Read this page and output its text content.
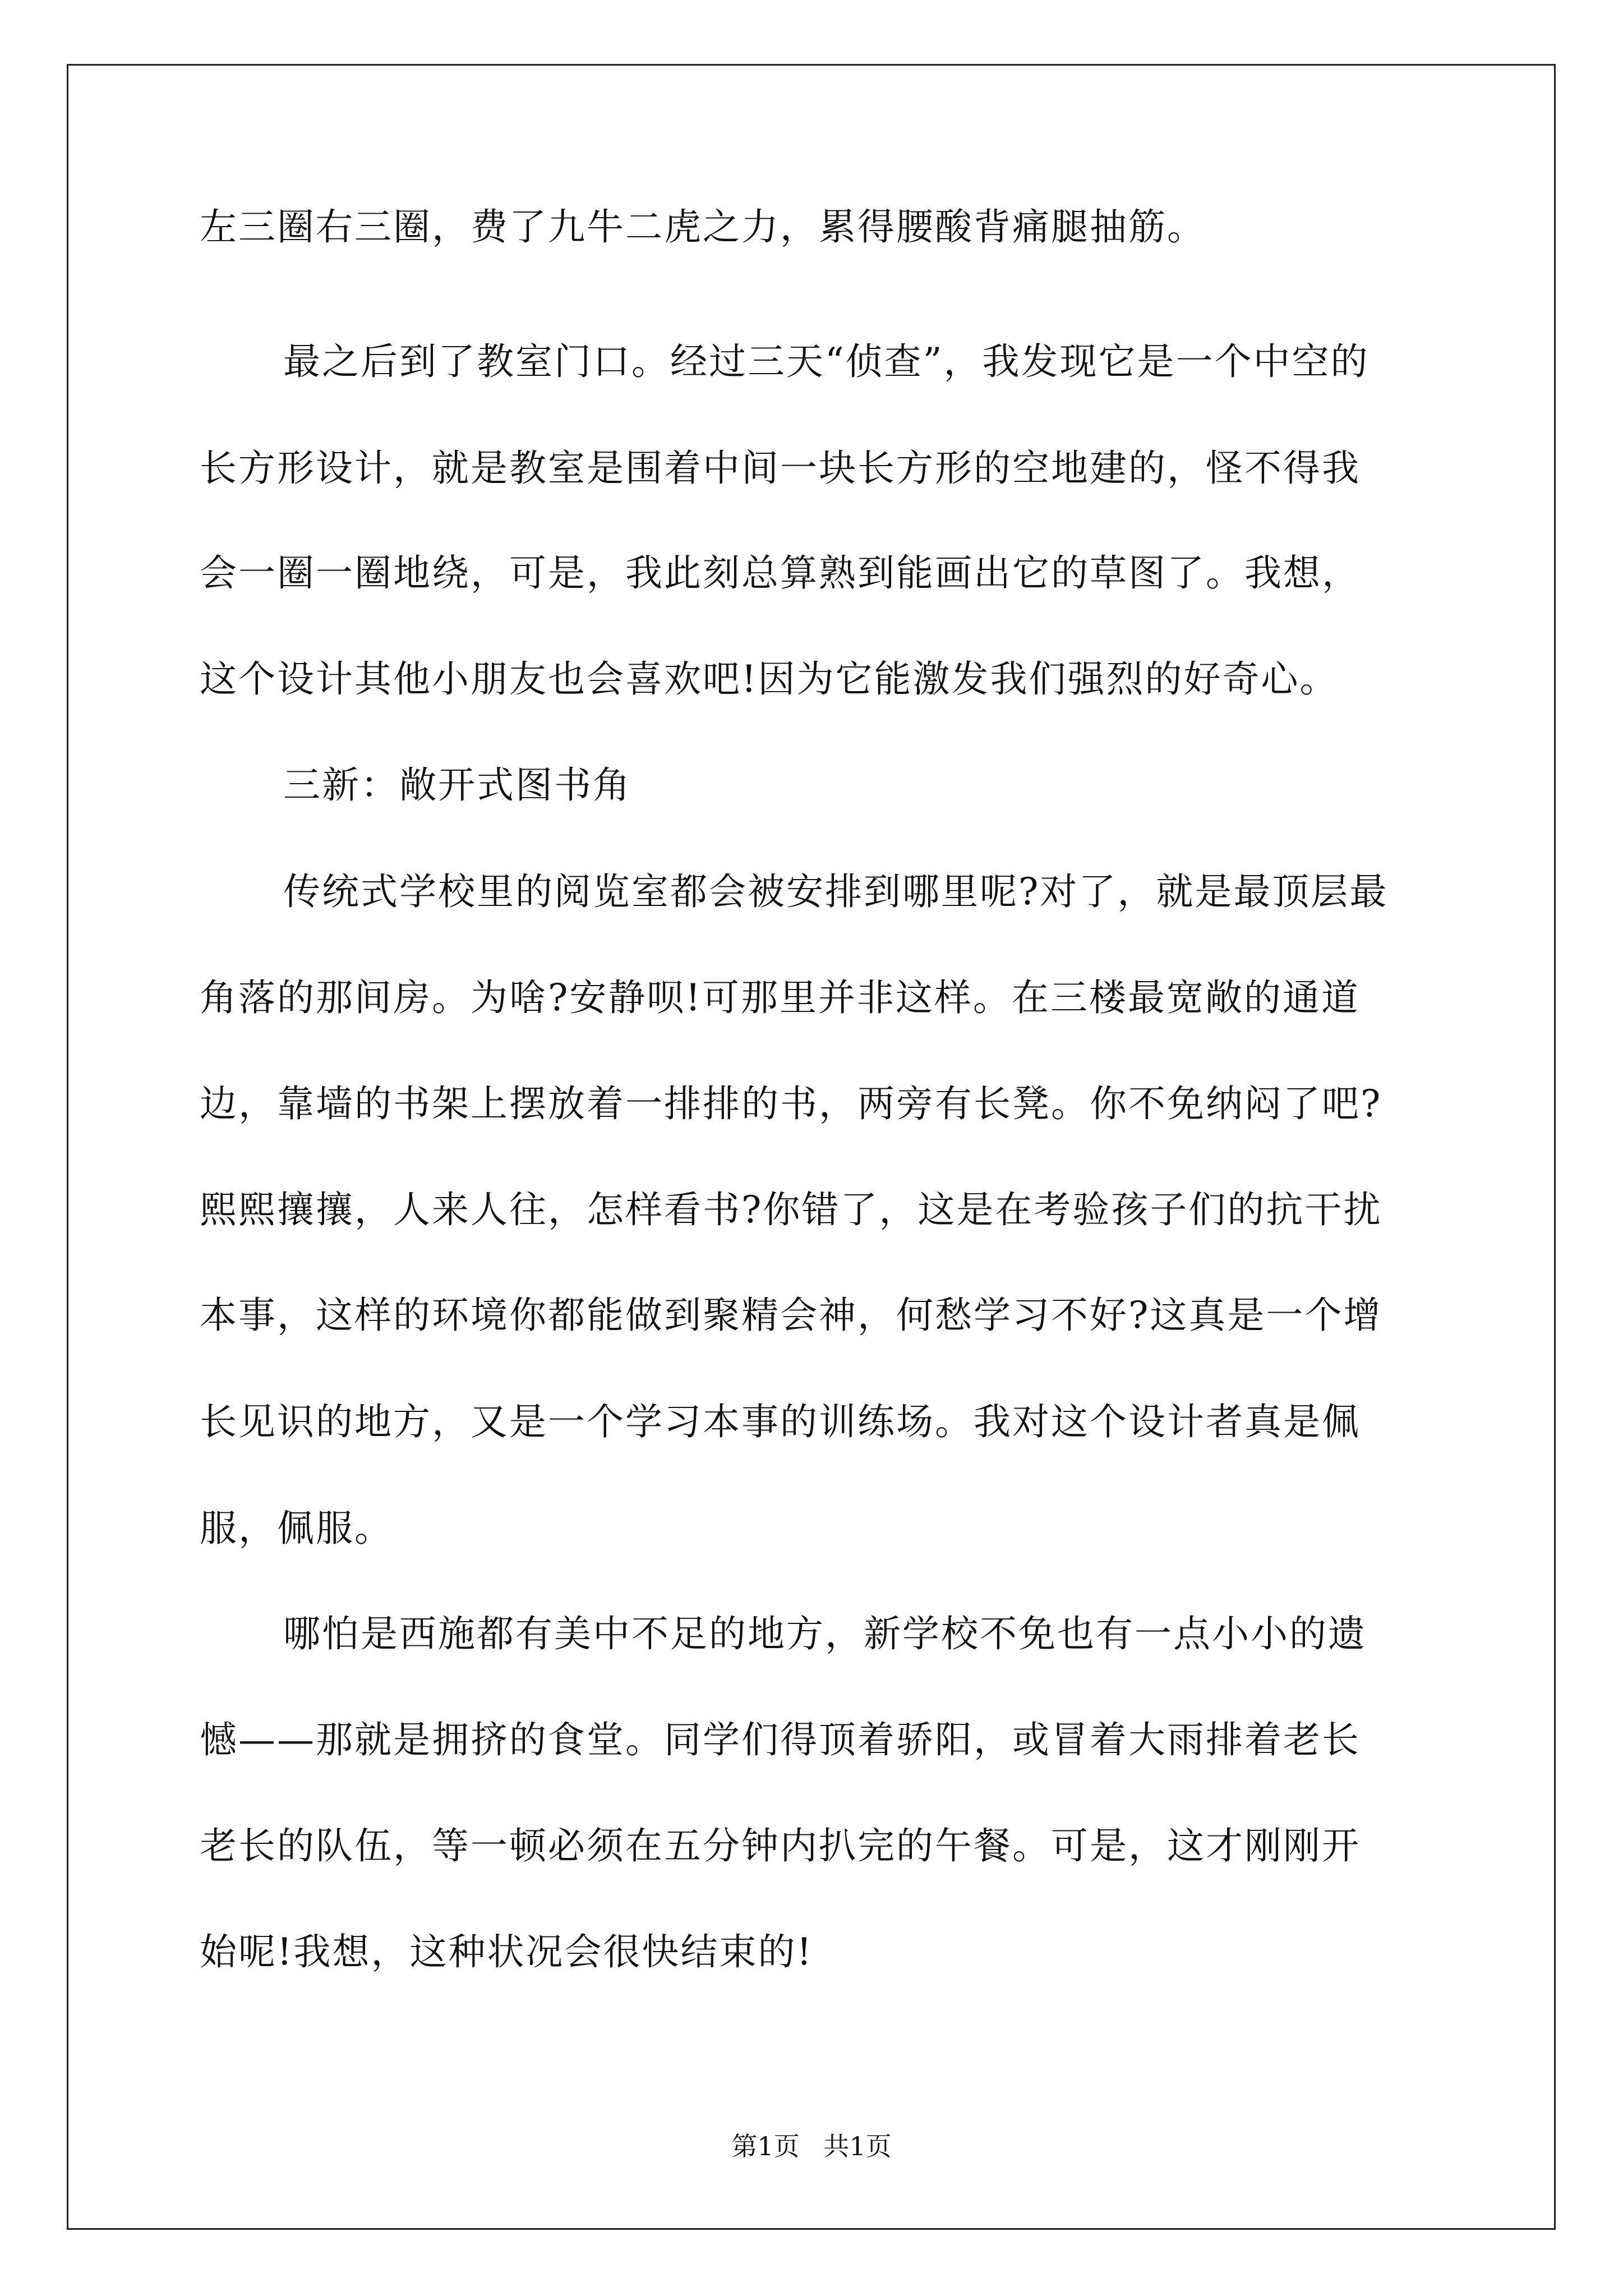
左三圈右三圈，费了九牛二虎之力，累得腰酸背痛腿抽筋。
最之后到了教室门口。经过三天“侦查”，我发现它是一个中空的
长方形设计，就是教室是围着中间一块长方形的空地建的，怪不得我
会一圈一圈地绕，可是，我此刻总算熟到能画出它的草图了。我想，
这个设计其他小朋友也会喜欢吧!因为它能激发我们强烈的好奇心。
三新：敞开式图书角
传统式学校里的阅览室都会被安排到哪里呢?对了，就是最顶层最
角落的那间房。为啥?安静呗!可那里并非这样。在三楼最宽敞的通道
边，靠墙的书架上摆放着一排排的书，两旁有长凳。你不免纳闷了吧?
熙熙攘攘，人来人往，怎样看书?你错了，这是在考验孩子们的抗干扰
本事，这样的环境你都能做到聚精会神，何愁学习不好?这真是一个增
长见识的地方，又是一个学习本事的训练场。我对这个设计者真是佩
服，佩服。
哪怕是西施都有美中不足的地方，新学校不免也有一点小小的遗
憾——那就是拥挤的食堂。同学们得顶着骄阳，或冒着大雨排着老长
老长的队伍，等一顿必须在五分钟内扒完的午餐。可是，这才刚刚开
始呢!我想，这种状况会很快结束的!
第1页 共1页
